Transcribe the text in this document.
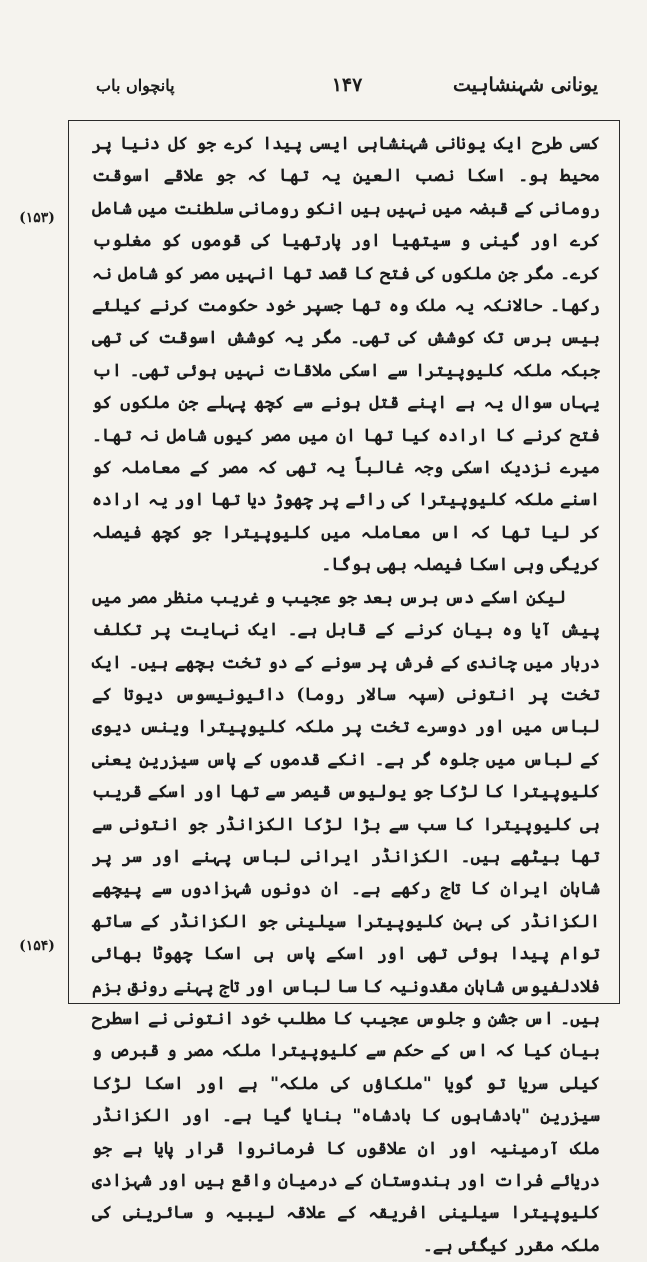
یونانی شہنشاہیت
۱۴۷
پانچواں باب
(۱۵۳)
(۱۵۴)

کسی طرح ایک یونانی شہنشاہی ایسی پیدا کرے جو کل دنیا پر محیط ہو۔ اسکا نصب العین یہ تھا کہ جو علاقے اسوقت رومانی کے قبضہ میں نہیں ہیں انکو رومانی سلطنت میں شامل کرے اور گینی و سیتھیا اور پارتھیا کی قوموں کو مغلوب کرے۔ مگر جن ملکوں کی فتح کا قصد تھا انہیں مصر کو شامل نہ رکھا۔ حالانکہ یہ ملک وہ تھا جسپر خود حکومت کرنے کیلئے بیس برس تک کوشش کی تھی۔ مگر یہ کوشش اسوقت کی تھی جبکہ ملکہ کلیوپیترا سے اسکی ملاقات نہیں ہوئی تھی۔ اب یہاں سوال یہ ہے اپنے قتل ہونے سے کچھ پہلے جن ملکوں کو فتح کرنے کا ارادہ کیا تھا ان میں مصر کیوں شامل نہ تھا۔ میرے نزدیک اسکی وجہ غالباً یہ تھی کہ مصر کے معاملہ کو اسنے ملکہ کلیوپیترا کی رائے پر چھوڑ دیا تھا اور یہ ارادہ کر لیا تھا کہ اس معاملہ میں کلیوپیترا جو کچھ فیصلہ کریگی وہی اسکا فیصلہ بھی ہوگا۔

لیکن اسکے دس برس بعد جو عجیب و غریب منظر مصر میں پیش آیا وہ بیان کرنے کے قابل ہے۔ ایک نہایت پر تکلف دربار میں چاندی کے فرش پر سونے کے دو تخت بچھے ہیں۔ ایک تخت پر انتونی (سپہ سالار روما) دائیونیسوس دیوتا کے لباس میں اور دوسرے تخت پر ملکہ کلیوپیترا وینس دیوی کے لباس میں جلوہ گر ہے۔ انکے قدموں کے پاس سیزرین یعنی کلیوپیترا کا لڑکا جو یولیوس قیصر سے تھا اور اسکے قریب ہی کلیوپیترا کا سب سے بڑا لڑکا الکزانڈر جو انتونی سے تھا بیٹھے ہیں۔ الکزانڈر ایرانی لباس پہنے اور سر پر شاہان ایران کا تاج رکھے ہے۔ ان دونوں شہزادوں سے پیچھے الکزانڈر کی بہن کلیوپیترا سیلینی جو الکزانڈر کے ساتھ توام پیدا ہوئی تھی اور اسکے پاس ہی اسکا چھوٹا بھائی فلادلفیوس شاہان مقدونیہ کا سا لباس اور تاج پہنے رونق بزم ہیں۔ اس جشن و جلوس عجیب کا مطلب خود انتونی نے اسطرح بیان کیا کہ اس کے حکم سے کلیوپیترا ملکہ مصر و قبرص و کیلی سریا تو گویا "ملکاؤں کی ملکہ" ہے اور اسکا لڑکا سیزرین "بادشاہوں کا بادشاہ" بنایا گیا ہے۔ اور الکزانڈر ملک آرمینیہ اور ان علاقوں کا فرمانروا قرار پایا ہے جو دریائے فرات اور ہندوستان کے درمیان واقع ہیں اور شہزادی کلیوپیترا سیلینی افریقہ کے علاقہ لیبیہ و سائرینی کی ملکہ مقرر کیگئی ہے۔
